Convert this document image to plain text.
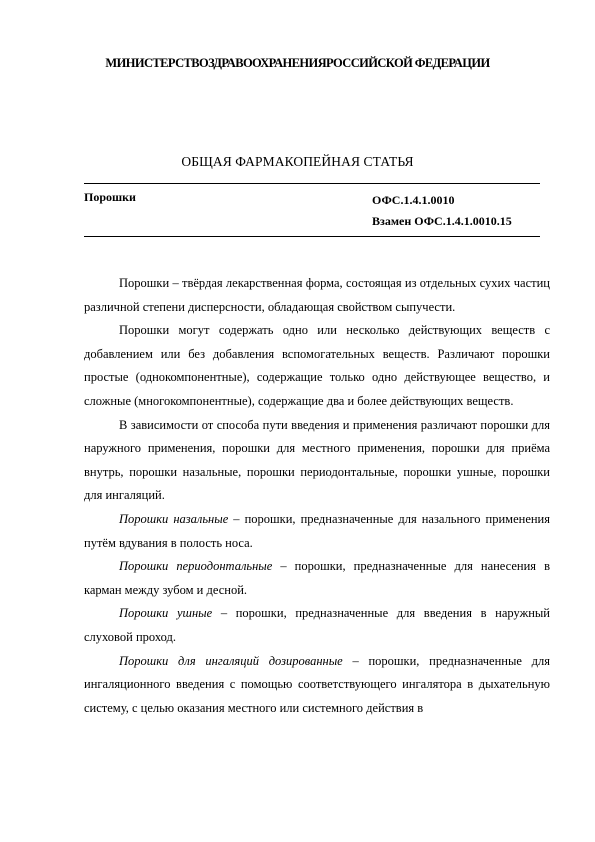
МИНИСТЕРСТВОЗДРАВООХРАНЕНИЯРОССИЙСКОЙ ФЕДЕРАЦИИ
ОБЩАЯ ФАРМАКОПЕЙНАЯ СТАТЬЯ
Порошки	ОФС.1.4.1.0010
Взамен ОФС.1.4.1.0010.15

Порошки – твёрдая лекарственная форма, состоящая из отдельных сухих частиц различной степени дисперсности, обладающая свойством сыпучести.

Порошки могут содержать одно или несколько действующих веществ с добавлением или без добавления вспомогательных веществ. Различают порошки простые (однокомпонентные), содержащие только одно действующее вещество, и сложные (многокомпонентные), содержащие два и более действующих веществ.

В зависимости от способа пути введения и применения различают порошки для наружного применения, порошки для местного применения, порошки для приёма внутрь, порошки назальные, порошки периодонтальные, порошки ушные, порошки для ингаляций.

Порошки назальные – порошки, предназначенные для назального применения путём вдувания в полость носа.

Порошки периодонтальные – порошки, предназначенные для нанесения в карман между зубом и десной.

Порошки ушные – порошки, предназначенные для введения в наружный слуховой проход.

Порошки для ингаляций дозированные – порошки, предназначенные для ингаляционного введения с помощью соответствующего ингалятора в дыхательную систему, с целью оказания местного или системного действия в
